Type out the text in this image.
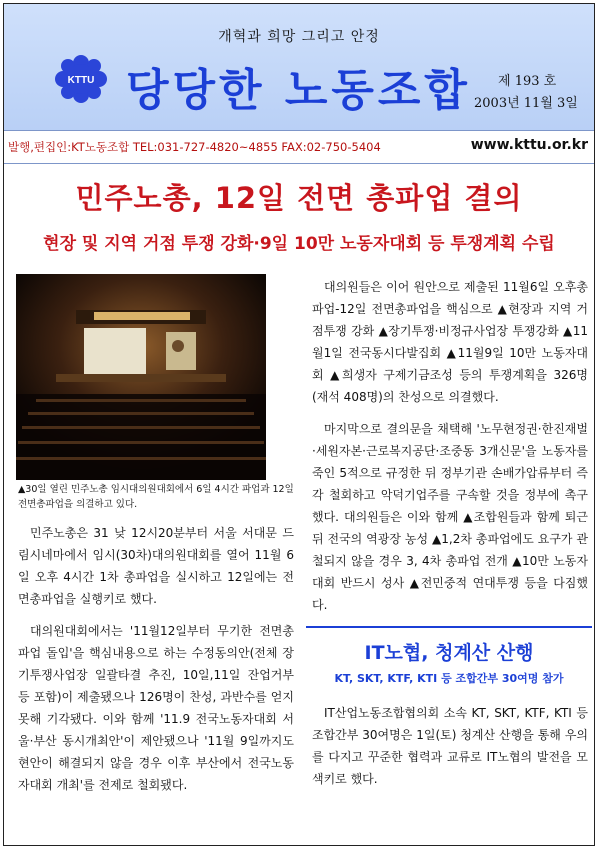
개혁과 희망 그리고 안정
KTTU 당당한 노동조합 제 193 호
2003년 11월 3일
발행,편집인:KT노동조합 TEL:031-727-4820~4855 FAX:02-750-5404	www.kttu.or.kr
민주노총, 12일 전면 총파업 결의
현장 및 지역 거점 투쟁 강화·9일 10만 노동자대회 등 투쟁계획 수립
▲30일 열린 민주노총 임시대의원대회에서 6일 4시간 파업과 12일 전면총파업을 의결하고 있다.

민주노총은 31 낮 12시20분부터 서울 서대문 드림시네마에서 임시(30차)대의원대회를 열어 11월 6일 오후 4시간 1차 총파업을 실시하고 12일에는 전면총파업을 실행키로 했다.

대의원대회에서는 '11월12일부터 무기한 전면총파업 돌입'을 핵심내용으로 하는 수정동의안(전체 장기투쟁사업장 일괄타결 추진, 10일,11일 잔업거부 등 포함)이 제출됐으나 126명이 찬성, 과반수를 얻지 못해 기각됐다. 이와 함께 '11.9 전국노동자대회 서울·부산 동시개최안'이 제안됐으나 '11월 9일까지도 현안이 해결되지 않을 경우 이후 부산에서 전국노동자대회 개최'를 전제로 철회됐다.

대의원들은 이어 원안으로 제출된 11월6일 오후총파업-12일 전면총파업을 핵심으로 ▲현장과 지역 거점투쟁 강화 ▲장기투쟁·비정규사업장 투쟁강화 ▲11월1일 전국동시다발집회 ▲11월9일 10만 노동자대회 ▲희생자 구제기금조성 등의 투쟁계획을 326명(재석 408명)의 찬성으로 의결했다.

마지막으로 결의문을 채택해 '노무현정권·한진재벌·세원자본·근로복지공단·조중동 3개신문'을 노동자를 죽인 5적으로 규정한 뒤 정부기관 손배가압류부터 즉각 철회하고 악덕기업주를 구속할 것을 정부에 촉구했다. 대의원들은 이와 함께 ▲조합원들과 함께 퇴근 뒤 전국의 역광장 농성 ▲1,2차 총파업에도 요구가 관철되지 않을 경우 3, 4차 총파업 전개 ▲10만 노동자대회 반드시 성사 ▲전민중적 연대투쟁 등을 다짐했다.

IT노협, 청계산 산행
KT, SKT, KTF, KTI 등 조합간부 30여명 참가

IT산업노동조합협의회 소속 KT, SKT, KTF, KTI 등 조합간부 30여명은 1일(토) 청계산 산행을 통해 우의를 다지고 꾸준한 협력과 교류로 IT노협의 발전을 모색키로 했다.
